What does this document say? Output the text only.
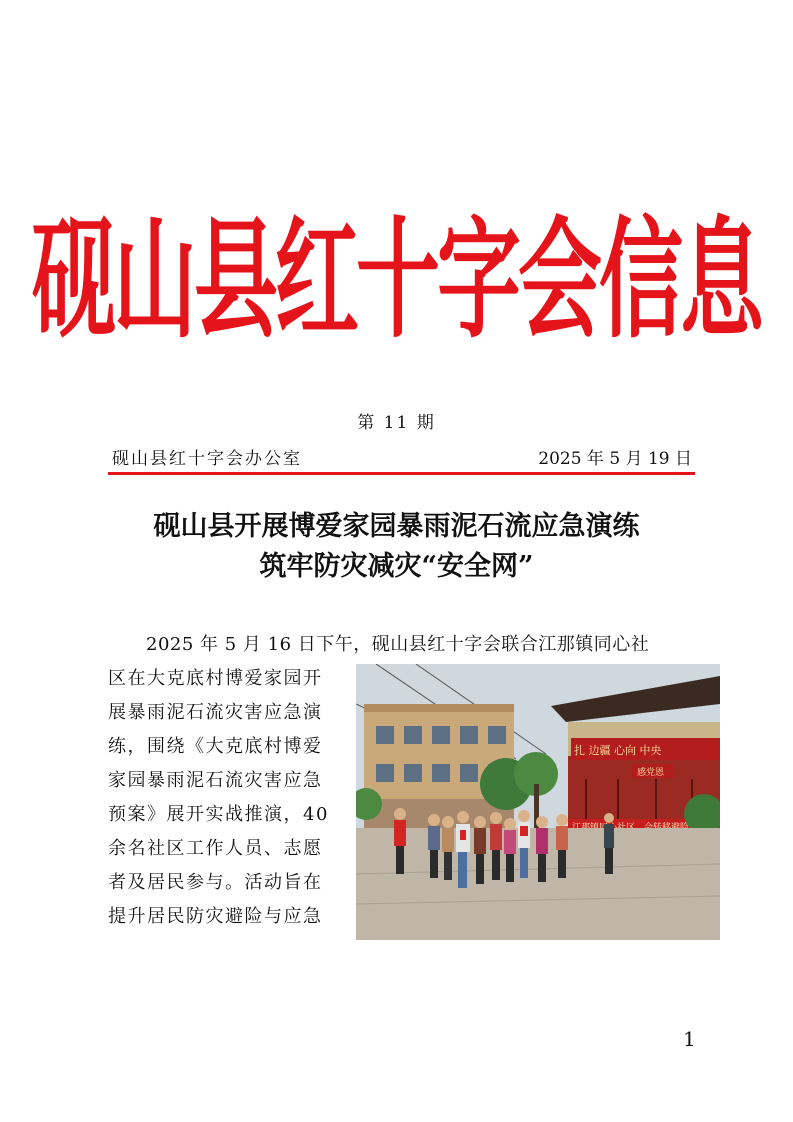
砚山县红十字会信息
第 11 期
砚山县红十字会办公室	2025 年 5 月 19 日
砚山县开展博爱家园暴雨泥石流应急演练
筑牢防灾减灾“安全网”
2025 年 5 月 16 日下午，砚山县红十字会联合江那镇同心社
区在大克底村博爱家园开
展暴雨泥石流灾害应急演
练，围绕《大克底村博爱
家园暴雨泥石流灾害应急
预案》展开实战推演，40
余名社区工作人员、志愿
者及居民参与。活动旨在
提升居民防灾避险与应急
扎 边疆 心向 中央
感党恩
1
